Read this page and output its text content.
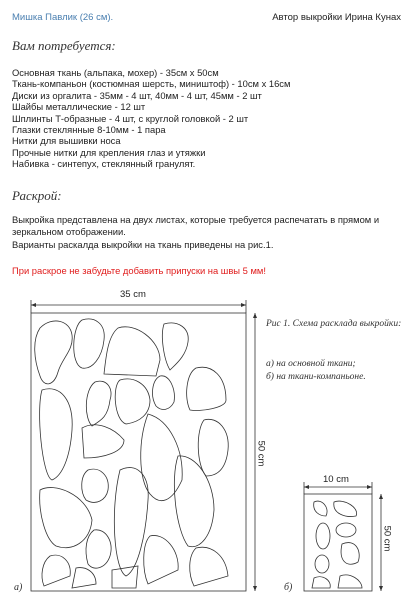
Мишка Павлик (26 см).	Автор выкройки Ирина Кунах
Вам потребуется:
Основная ткань (альпака, мохер) - 35см х 50см
Ткань-компаньон (костюмная шерсть, миништоф) - 10см х 16см
Диски из оргалита - 35мм - 4 шт, 40мм - 4 шт, 45мм - 2 шт
Шайбы металлические - 12 шт
Шплинты Т-образные - 4 шт, с круглой головкой - 2 шт
Глазки стеклянные 8-10мм - 1 пара
Нитки для вышивки носа
Прочные нитки для крепления глаз и утяжки
Набивка - синтепух, стеклянный гранулят.
Раскрой:

Выкройка представлена на двух листах, которые требуется распечатать в прямом и зеркальном отображении.

Варианты раскалда выкройки на ткань приведены на рис.1.

При раскрое не забудьте добавить припуски на швы 5 мм!
35 cm
50 cm
10 cm
50 cm
Рис 1. Схема расклада выкройки:
а) на основной ткани;
б) на ткани-компаньоне.
а)	б)
